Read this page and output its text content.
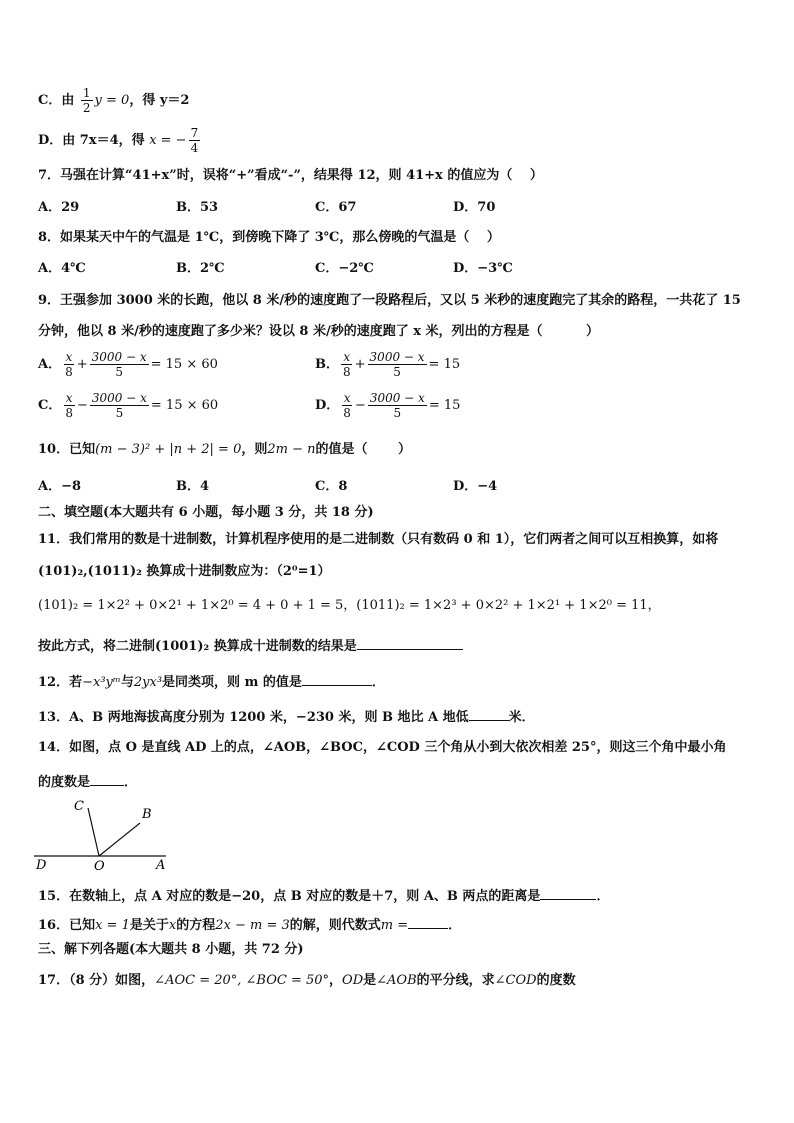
C．由 $\frac{1}{2}$ y = 0，得 y＝2
D．由 7x＝4，得 x = − $\frac{7}{4}$
7．马强在计算“41+x”时，误将“+”看成“-”，结果得 12，则 41+x 的值应为（　 ）
A．29	B．53	C．67	D．70
8．如果某天中午的气温是 1℃，到傍晚下降了 3℃，那么傍晚的气温是（　 ）
A．4℃	B．2℃	C．−2℃	D．−3℃
9．王强参加 3000 米的长跑，他以 8 米/秒的速度跑了一段路程后，又以 5 米秒的速度跑完了其余的路程，一共花了 15
分钟，他以 8 米/秒的速度跑了多少米？设以 8 米/秒的速度跑了 x 米，列出的方程是（　　　 ）
A． $\frac{x}{8} + \frac{3000 - x}{5} = 15 \times 60$	B． $\frac{x}{8} + \frac{3000 - x}{5} = 15$
C． $\frac{x}{8} - \frac{3000 - x}{5} = 15 \times 60$	D． $\frac{x}{8} - \frac{3000 - x}{5} = 15$
10．已知(m − 3)² + |n + 2| = 0，则2m − n的值是（　　 ）
A．−8	B．4	C．8	D．−4
二、填空题(本大题共有 6 小题，每小题 3 分，共 18 分)
11．我们常用的数是十进制数，计算机程序使用的是二进制数（只有数码 0 和 1），它们两者之间可以互相换算，如将
(101)₂,(1011)₂ 换算成十进制数应为：（2⁰=1）
(101)₂ = 1×2² + 0×2¹ + 1×2⁰ = 4 + 0 + 1 = 5，(1011)₂ = 1×2³ + 0×2² + 1×2¹ + 1×2⁰ = 11，
按此方式，将二进制(1001)₂ 换算成十进制数的结果是
12．若−x³yᵐ与2yx³是同类项，则 m 的值是	．
13．A、B 两地海拔高度分别为 1200 米，−230 米，则 B 地比 A 地低	米．
14．如图，点 O 是直线 AD 上的点，∠AOB，∠BOC，∠COD 三个角从小到大依次相差 25°，则这三个角中最小角
的度数是	．
C
B
D	O	A
15．在数轴上，点 A 对应的数是−20，点 B 对应的数是＋7，则 A、B 两点的距离是	．
16．已知x = 1是关于x的方程2x − m = 3的解，则代数式m =	．
三、解下列各题(本大题共 8 小题，共 72 分)
17．（8 分）如图，∠AOC = 20°, ∠BOC = 50°，OD是∠AOB的平分线，求∠COD的度数
